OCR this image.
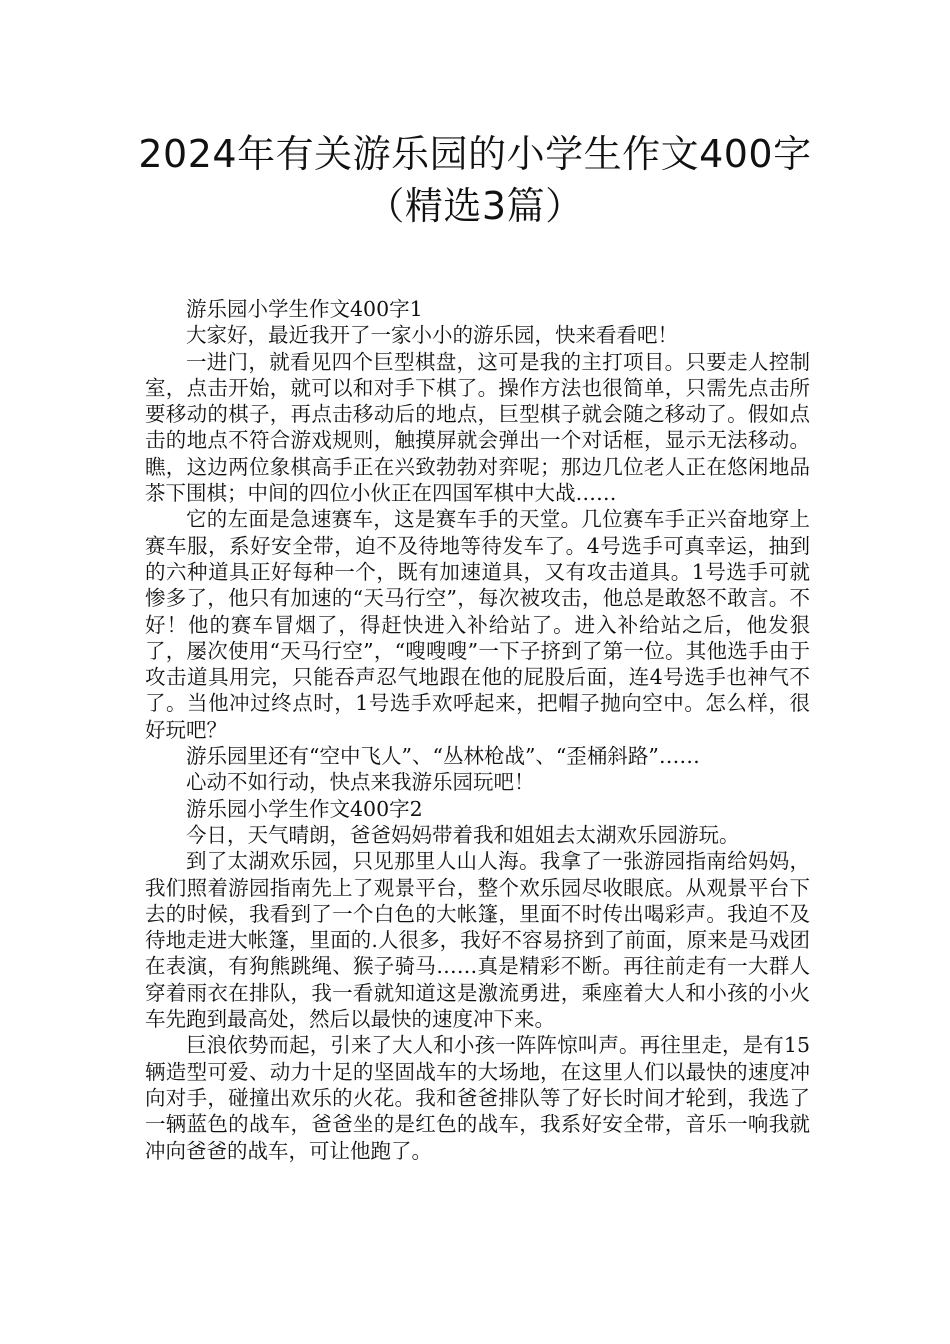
2024年有关游乐园的小学生作文400字
（精选3篇）

游乐园小学生作文400字1

大家好，最近我开了一家小小的游乐园，快来看看吧！

一进门，就看见四个巨型棋盘，这可是我的主打项目。只要走人控制室，点击开始，就可以和对手下棋了。操作方法也很简单，只需先点击所要移动的棋子，再点击移动后的地点，巨型棋子就会随之移动了。假如点击的地点不符合游戏规则，触摸屏就会弹出一个对话框，显示无法移动。瞧，这边两位象棋高手正在兴致勃勃对弈呢；那边几位老人正在悠闲地品茶下围棋；中间的四位小伙正在四国军棋中大战……

它的左面是急速赛车，这是赛车手的天堂。几位赛车手正兴奋地穿上赛车服，系好安全带，迫不及待地等待发车了。4号选手可真幸运，抽到的六种道具正好每种一个，既有加速道具，又有攻击道具。1号选手可就惨多了，他只有加速的“天马行空”，每次被攻击，他总是敢怒不敢言。不好！他的赛车冒烟了，得赶快进入补给站了。进入补给站之后，他发狠了，屡次使用“天马行空”，“嗖嗖嗖”一下子挤到了第一位。其他选手由于攻击道具用完，只能吞声忍气地跟在他的屁股后面，连4号选手也神气不了。当他冲过终点时，1号选手欢呼起来，把帽子抛向空中。怎么样，很好玩吧？

游乐园里还有“空中飞人”、“丛林枪战”、“歪桶斜路”……

心动不如行动，快点来我游乐园玩吧！

游乐园小学生作文400字2

今日，天气晴朗，爸爸妈妈带着我和姐姐去太湖欢乐园游玩。

到了太湖欢乐园，只见那里人山人海。我拿了一张游园指南给妈妈，我们照着游园指南先上了观景平台，整个欢乐园尽收眼底。从观景平台下去的时候，我看到了一个白色的大帐篷，里面不时传出喝彩声。我迫不及待地走进大帐篷，里面的.人很多，我好不容易挤到了前面，原来是马戏团在表演，有狗熊跳绳、猴子骑马……真是精彩不断。再往前走有一大群人穿着雨衣在排队，我一看就知道这是激流勇进，乘座着大人和小孩的小火车先跑到最高处，然后以最快的速度冲下来。

巨浪依势而起，引来了大人和小孩一阵阵惊叫声。再往里走，是有15辆造型可爱、动力十足的坚固战车的大场地，在这里人们以最快的速度冲向对手，碰撞出欢乐的火花。我和爸爸排队等了好长时间才轮到，我选了一辆蓝色的战车，爸爸坐的是红色的战车，我系好安全带，音乐一响我就冲向爸爸的战车，可让他跑了。
